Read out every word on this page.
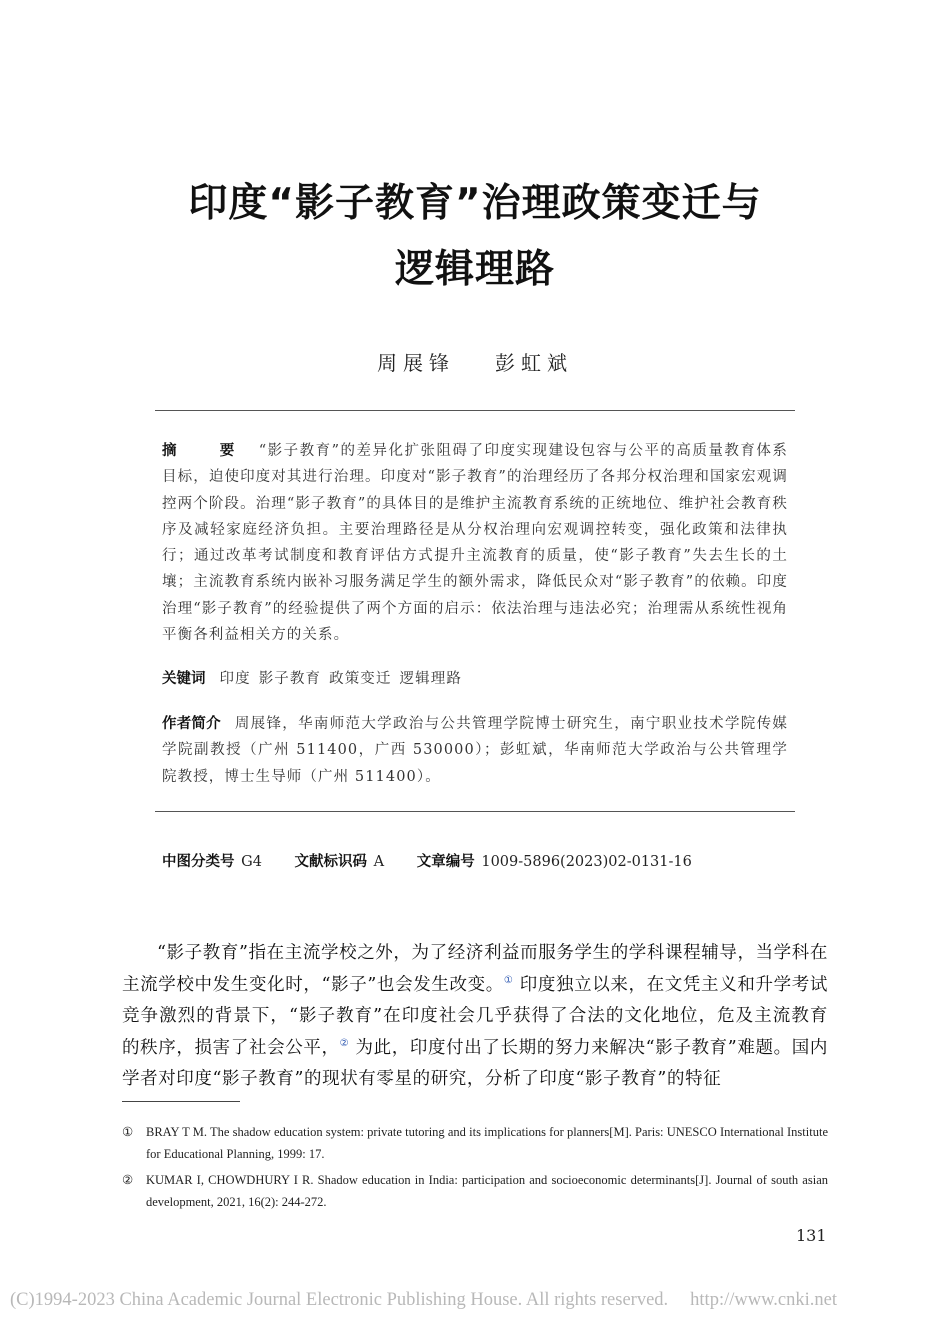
印度“影子教育”治理政策变迁与
逻辑理路
周展锋 彭虹斌
摘　要 “影子教育”的差异化扩张阻碍了印度实现建设包容与公平的高质量教育体系目标，迫使印度对其进行治理。印度对“影子教育”的治理经历了各邦分权治理和国家宏观调控两个阶段。治理“影子教育”的具体目的是维护主流教育系统的正统地位、维护社会教育秩序及减轻家庭经济负担。主要治理路径是从分权治理向宏观调控转变，强化政策和法律执行；通过改革考试制度和教育评估方式提升主流教育的质量，使“影子教育”失去生长的土壤；主流教育系统内嵌补习服务满足学生的额外需求，降低民众对“影子教育”的依赖。印度治理“影子教育”的经验提供了两个方面的启示：依法治理与违法必究；治理需从系统性视角平衡各利益相关方的关系。
关键词 印度 影子教育 政策变迁 逻辑理路
作者简介 周展锋，华南师范大学政治与公共管理学院博士研究生，南宁职业技术学院传媒学院副教授（广州 511400，广西 530000）；彭虹斌，华南师范大学政治与公共管理学院教授，博士生导师（广州 511400）。
中图分类号 G4 文献标识码 A 文章编号 1009-5896(2023)02-0131-16
“影子教育”指在主流学校之外，为了经济利益而服务学生的学科课程辅导，当学科在主流学校中发生变化时，“影子”也会发生改变。① 印度独立以来，在文凭主义和升学考试竞争激烈的背景下，“影子教育”在印度社会几乎获得了合法的文化地位，危及主流教育的秩序，损害了社会公平，② 为此，印度付出了长期的努力来解决“影子教育”难题。国内学者对印度“影子教育”的现状有零星的研究，分析了印度“影子教育”的特征
①	BRAY T M. The shadow education system: private tutoring and its implications for planners[M]. Paris: UNESCO International Institute for Educational Planning, 1999: 17.
②	KUMAR I, CHOWDHURY I R. Shadow education in India: participation and socioeconomic determinants[J]. Journal of south asian development, 2021, 16(2): 244-272.
131
(C)1994-2023 China Academic Journal Electronic Publishing House. All rights reserved. http://www.cnki.net
